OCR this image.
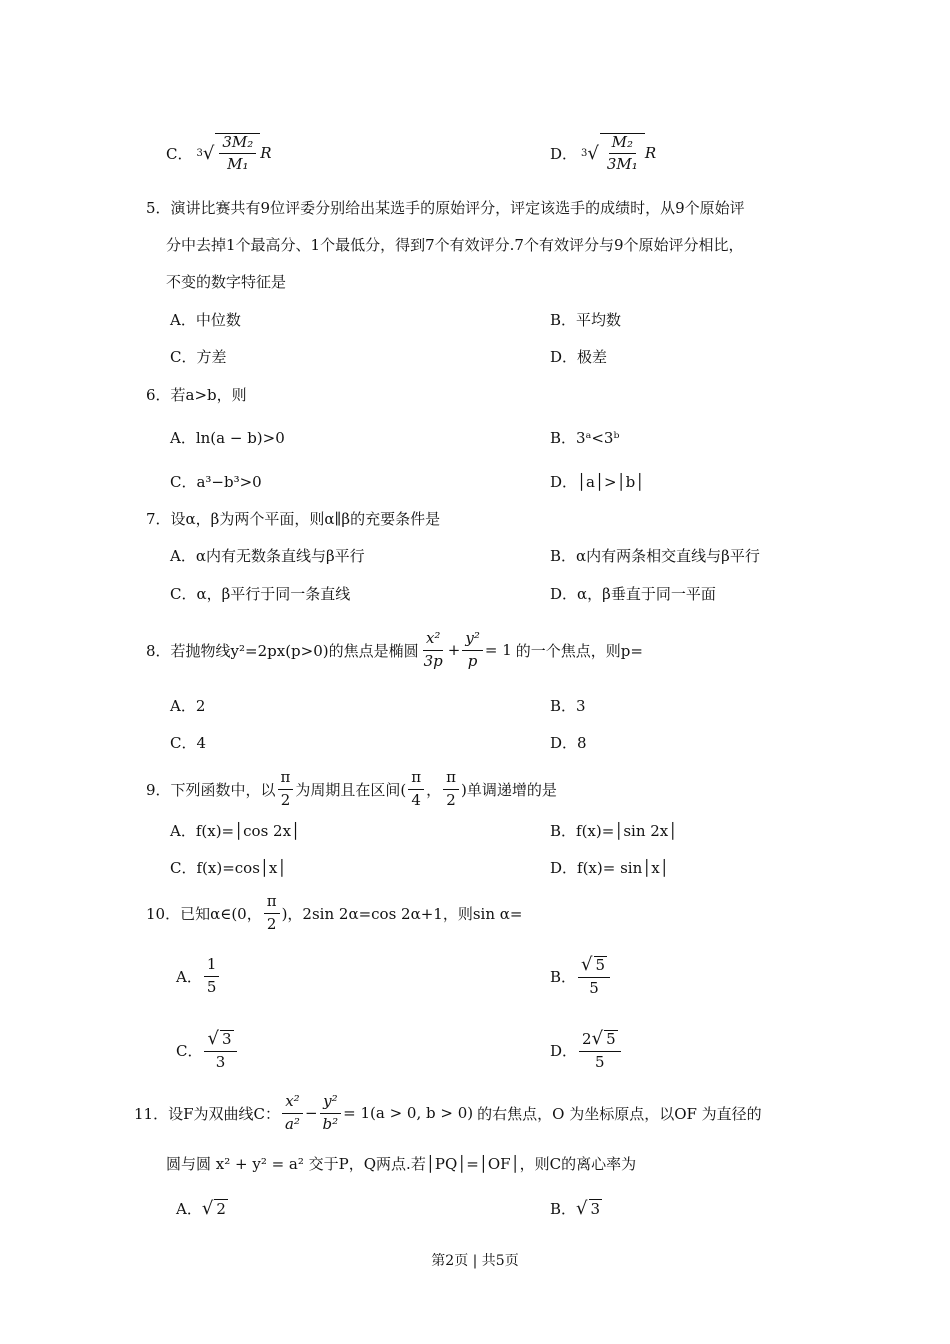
C． 3 √ $\frac{\text{3M₂}}{\text{M₁}}$ R	D． 3 √ $\frac{\text{M₂}}{\text{3M₁}}$ R
5．演讲比赛共有9位评委分别给出某选手的原始评分，评定该选手的成绩时，从9个原始评
分中去掉1个最高分、1个最低分，得到7个有效评分.7个有效评分与9个原始评分相比，
不变的数字特征是
A．中位数	B．平均数
C．方差	D．极差
6．若a>b，则
A．ln(a − b)>0	B．3ᵃ<3ᵇ
C．a³−b³>0	D．│a│>│b│
7．设α，β为两个平面，则α∥β的充要条件是
A．α内有无数条直线与β平行	B．α内有两条相交直线与β平行
C．α，β平行于同一条直线	D．α，β垂直于同一平面
8．若抛物线y²=2px(p>0)的焦点是椭圆 $\frac{\text{x²}}{3p} + \frac{\text{y²}}{p} = 1$ 的一个焦点，则p=
A．2	B．3
C．4	D．8
9．下列函数中，以 $\frac{\pi}{2}$ 为周期且在区间( $\frac{\pi}{4}$ ， $\frac{\pi}{2}$ )单调递增的是
A．f(x)=│cos 2x│	B．f(x)=│sin 2x│
C．f(x)=cos│x│	D．f(x)= sin│x│
10．已知α∈(0， $\frac{\pi}{2}$ )，2sin 2α=cos 2α+1，则sin α=
A． $\frac{1}{5}$	B． $\frac{√ 5}{5}$
C． $\frac{√ 3}{3}$	D． $\frac{2√ 5}{5}$
11．设F为双曲线C： $\frac{\text{x²}}{\text{a²}} - \frac{\text{y²}}{\text{b²}} = 1(a > 0$, b > 0) 的右焦点，O 为坐标原点，以OF 为直径的
圆与圆 x² + y² = a² 交于P，Q两点.若│PQ│=│OF│，则C的离心率为
A． √ 2	B． √ 3
第2页 | 共5页
